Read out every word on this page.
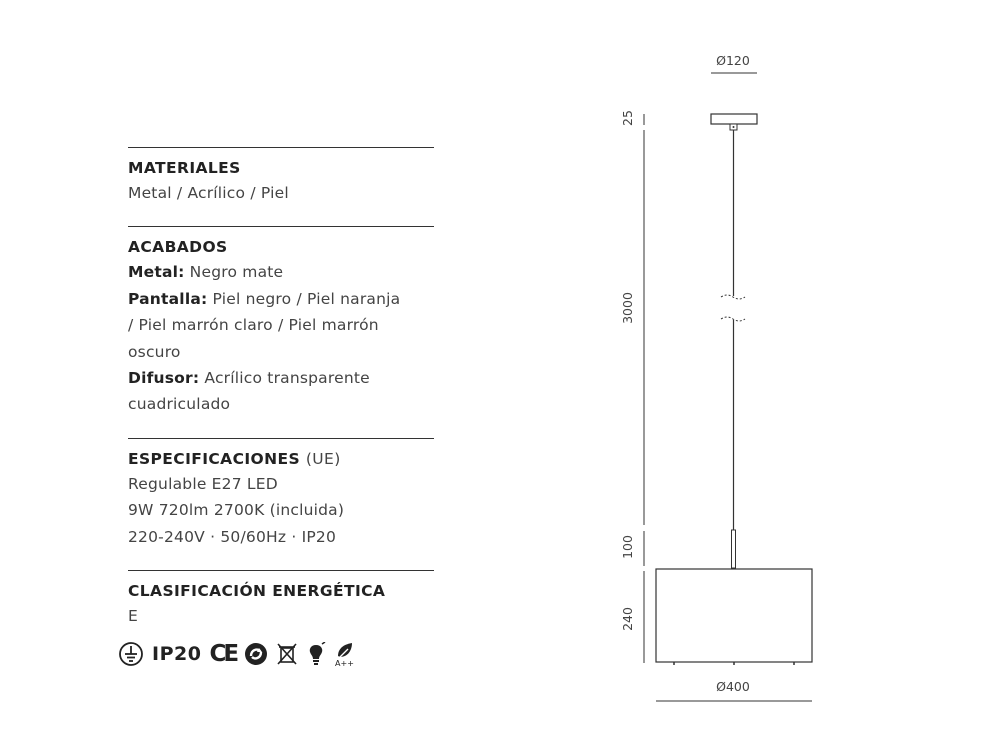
MATERIALES
Metal / Acrílico / Piel
ACABADOS
Metal: Negro mate
Pantalla: Piel negro / Piel naranja
/ Piel marrón claro / Piel marrón
oscuro
Difusor: Acrílico transparente
cuadriculado
ESPECIFICACIONES (UE)
Regulable E27 LED
9W 720lm 2700K (incluida)
220-240V · 50/60Hz · IP20
CLASIFICACIÓN ENERGÉTICA
E
IP20 CE	A++
Ø120
25
3000
100
240
Ø400
